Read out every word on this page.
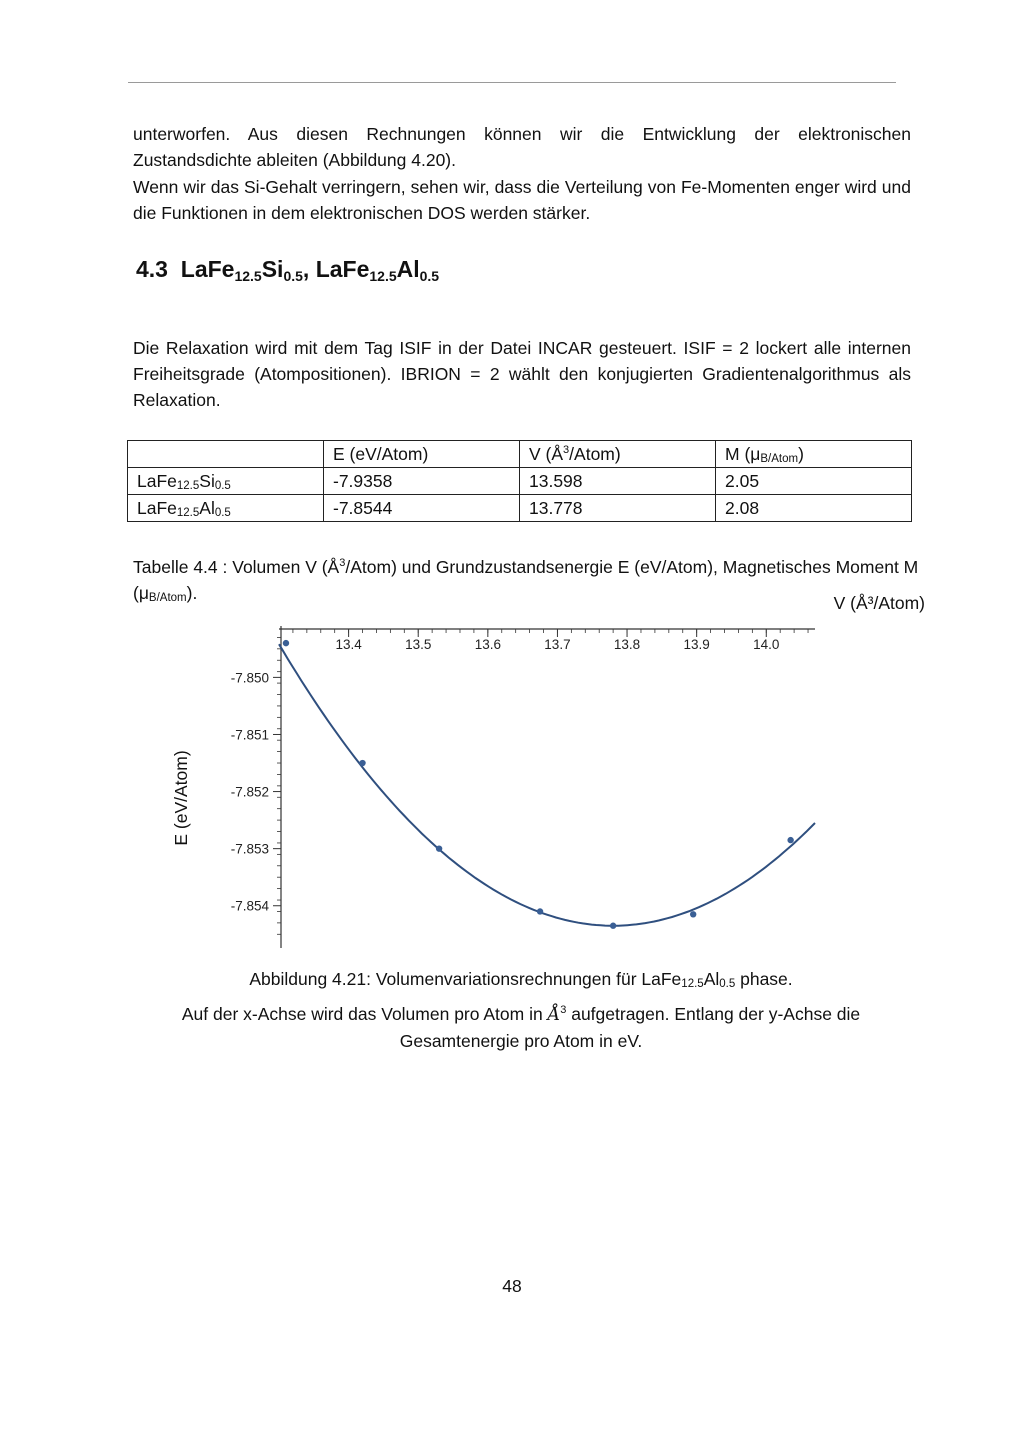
unterworfen. Aus diesen Rechnungen können wir die Entwicklung der elektronischen Zustandsdichte ableiten (Abbildung 4.20).

Wenn wir das Si-Gehalt verringern, sehen wir, dass die Verteilung von Fe-Momenten enger wird und die Funktionen in dem elektronischen DOS werden stärker.

4.3 $LaFe_{12.5}Si_{0.5}$, $LaFe_{12.5}Al_{0.5}$

Die Relaxation wird mit dem Tag ISIF in der Datei INCAR gesteuert. ISIF = 2 lockert alle internen Freiheitsgrade (Atompositionen). IBRION = 2 wählt den konjugierten Gradientenalgorithmus als Relaxation.

	E (eV/Atom)	V $(Å^3/Atom)$	M $(\mu_{B/Atom})$
$LaFe_{12.5}Si_{0.5}$	-7.9358	13.598	2.05
$LaFe_{12.5}Al_{0.5}$	-7.8544	13.778	2.08

Tabelle 4.4 : Volumen V $(Å^3/Atom)$ und Grundzustandsenergie E (eV/Atom), Magnetisches Moment M $(\mu_{B/Atom})$.

13.4	13.5	13.6	13.7	13.8	13.9	14.0
-7.850
-7.851
-7.852
-7.853
-7.854
V (Å³/Atom)
E (eV/Atom)

Abbildung 4.21: Volumenvariationsrechnungen für $LaFe_{12.5}Al_{0.5}$ phase.
Auf der x-Achse wird das Volumen pro Atom in $Å^3$ aufgetragen. Entlang der y-Achse die
Gesamtenergie pro Atom in eV.

48
